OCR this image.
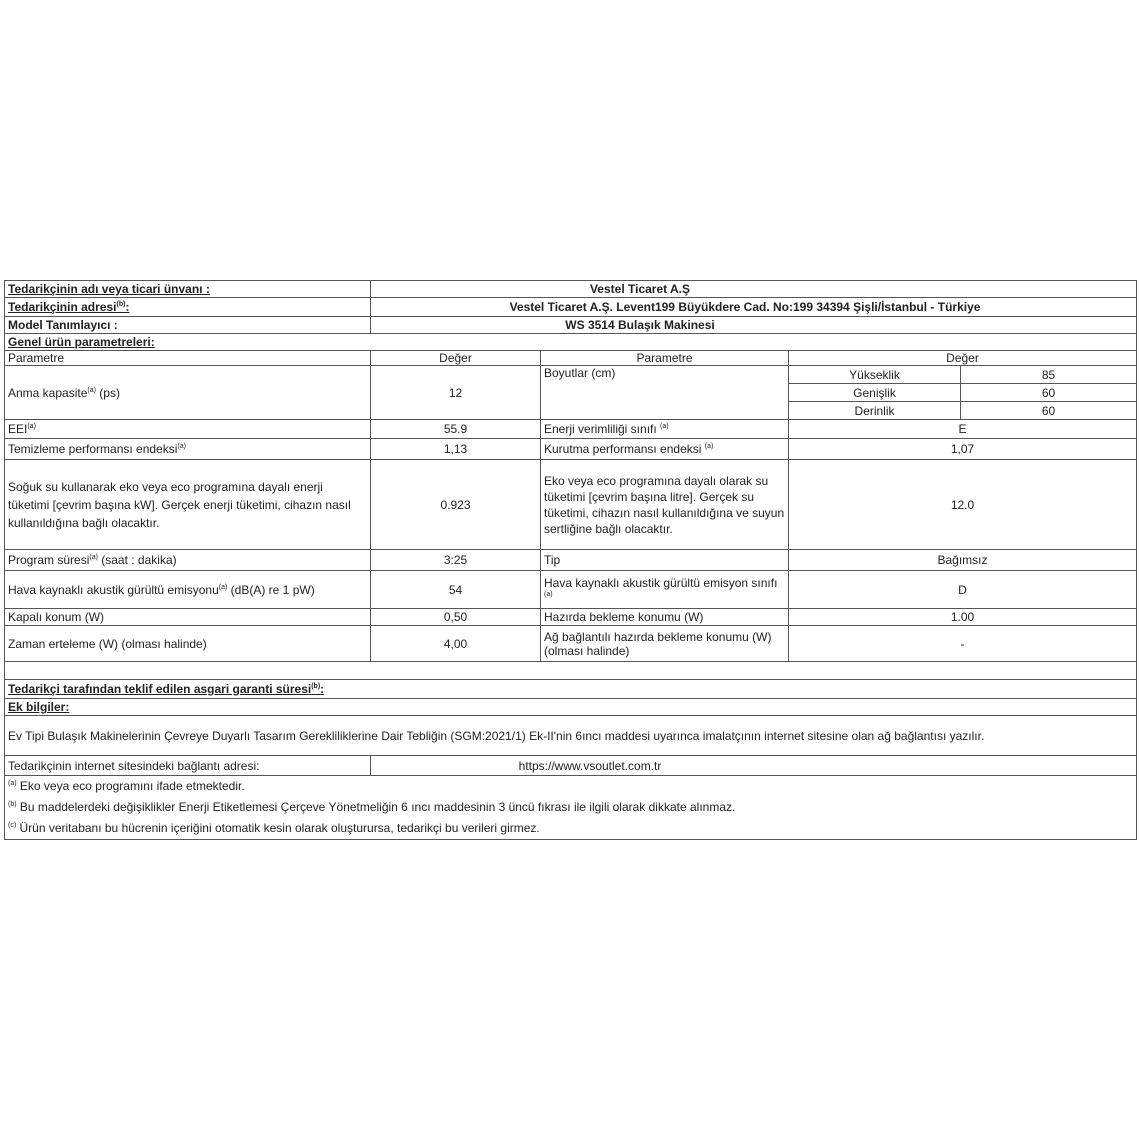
Tedarikçinin adı veya ticari ünvanı :	Vestel Ticaret A.Ş			
Tedarikçinin adresi$^{(b)}$:	Vestel Ticaret A.Ş. Levent199 Büyükdere Cad. No:199 34394 Şişli/İstanbul - Türkiye			
Model Tanımlayıcı :	WS 3514 Bulaşık Makinesi			
Genel ürün parametreleri:				
Parametre	Değer	Parametre	Değer	
Anma kapasite$^{(a)}$ (ps)	12	Boyutlar (cm)	Yükseklik	85
			Genişlik	60
			Derinlik	60
EEI$^{(a)}$	55.9	Enerji verimliliği sınıfı $^{(a)}$	E	
Temizleme performansı endeksi$^{(a)}$	1,13	Kurutma performansı endeksi $^{(a)}$	1,07	
Soğuk su kullanarak eko veya eco programına dayalı enerji tüketimi [çevrim başına kW]. Gerçek enerji tüketimi, cihazın nasıl kullanıldığına bağlı olacaktır.	0.923	Eko veya eco programına dayalı olarak su tüketimi [çevrim başına litre]. Gerçek su tüketimi, cihazın nasıl kullanıldığına ve suyun sertliğine bağlı olacaktır.	12.0	
Program süresi$^{(a)}$ (saat : dakika)	3:25	Tip	Bağımsız	
Hava kaynaklı akustik gürültü emisyonu$^{(a)}$ (dB(A) re 1 pW)	54	Hava kaynaklı akustik gürültü emisyon sınıfı $^{(a)}$	D	
Kapalı konum (W)	0,50	Hazırda bekleme konumu (W)	1.00	
Zaman erteleme (W) (olması halinde)	4,00	Ağ bağlantılı hazırda bekleme konumu (W) (olması halinde)	-	

Tedarikçi tarafından teklif edilen asgari garanti süresi$^{(b)}$:				
Ek bilgiler:				
Ev Tipi Bulaşık Makinelerinin Çevreye Duyarlı Tasarım Gerekliliklerine Dair Tebliğin (SGM:2021/1) Ek-II'nin 6ıncı maddesi uyarınca imalatçının internet sitesine olan ağ bağlantısı yazılır.				
Tedarikçinin internet sitesindeki bağlantı adresi:	https://www.vsoutlet.com.tr			

$^{(a)}$ Eko veya eco programını ifade etmektedir.
$^{(b)}$ Bu maddelerdeki değişiklikler Enerji Etiketlemesi Çerçeve Yönetmeliğin 6 ıncı maddesinin 3 üncü fıkrası ile ilgili olarak dikkate alınmaz.
$^{(c)}$ Ürün veritabanı bu hücrenin içeriğini otomatik kesin olarak oluşturursa, tedarikçi bu verileri girmez.				
